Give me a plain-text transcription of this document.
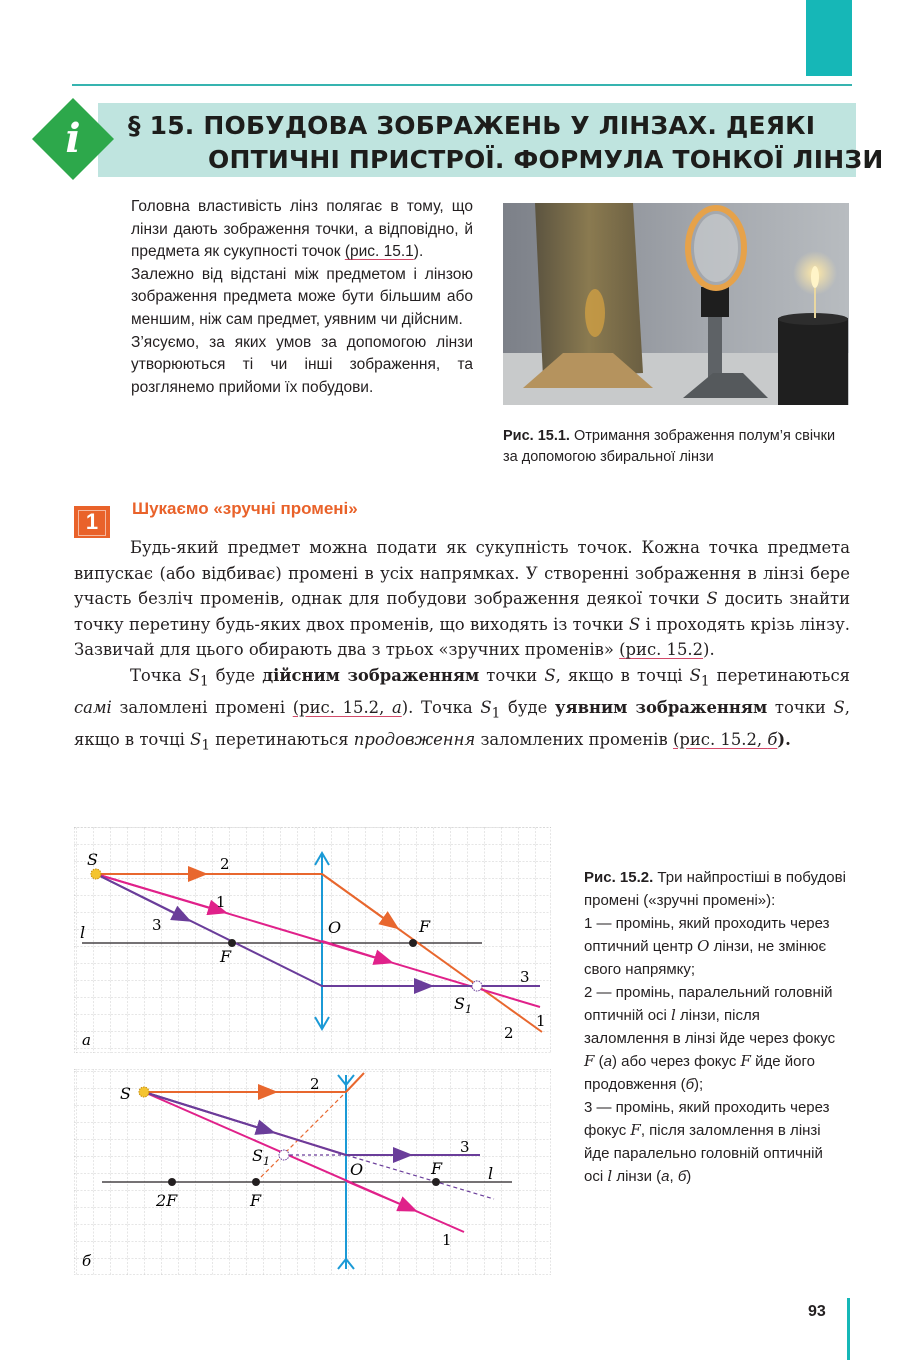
i	§ 15. ПОБУДОВА ЗОБРАЖЕНЬ У ЛІНЗАХ. ДЕЯКІ
ОПТИЧНІ ПРИСТРОЇ. ФОРМУЛА ТОНКОЇ ЛІНЗИ

Головна властивість лінз полягає в тому, що лінзи дають зображення точки, а відповідно, й предмета як сукупності точок (рис. 15.1).

Залежно від відстані між предметом і лінзою зображення предмета може бути більшим або меншим, ніж сам предмет, уявним чи дійсним.

З’ясуємо, за яких умов за допомогою лінзи утворюються ті чи інші зображення, та розглянемо прийоми їх побудови.

Рис. 15.1. Отримання зображення полум’я свічки за допомогою збиральної лінзи
1
Шукаємо «зручні промені»

Будь-який предмет можна подати як сукупність точок. Кожна точка предмета випускає (або відбиває) промені в усіх напрямках. У створенні зображення в лінзі бере участь безліч променів, однак для побудови зображення деякої точки S досить знайти точку перетину будь-яких двох променів, що виходять із точки S і проходять крізь лінзу. Зазвичай для цього обирають два з трьох «зручних променів» (рис. 15.2).

Точка $S_1$ буде дійсним зображенням точки S, якщо в точці $S_1$ перетинаються самі заломлені промені (рис. 15.2, а). Точка $S_1$ буде уявним зображенням точки S, якщо в точці $S_1$ перетинаються продовження заломлених променів (рис. 15.2, б).

S	2
1
3
l	O	F
F
3
$S_1$
1
2
а
S	2
3
$S_1$	O	F	l
2F	F
1
б
Рис. 15.2. Три найпростіші в побудові промені («зручні промені»):
1 — промінь, який проходить через оптичний центр O лінзи, не змінює свого напрямку;
2 — промінь, паралельний головній оптичній осі l лінзи, після заломлення в лінзі йде через фокус F (а) або через фокус F йде його продовження (б);
3 — промінь, який проходить через фокус F, після заломлення в лінзі йде паралельно головній оптичній осі l лінзи (а, б)
93
